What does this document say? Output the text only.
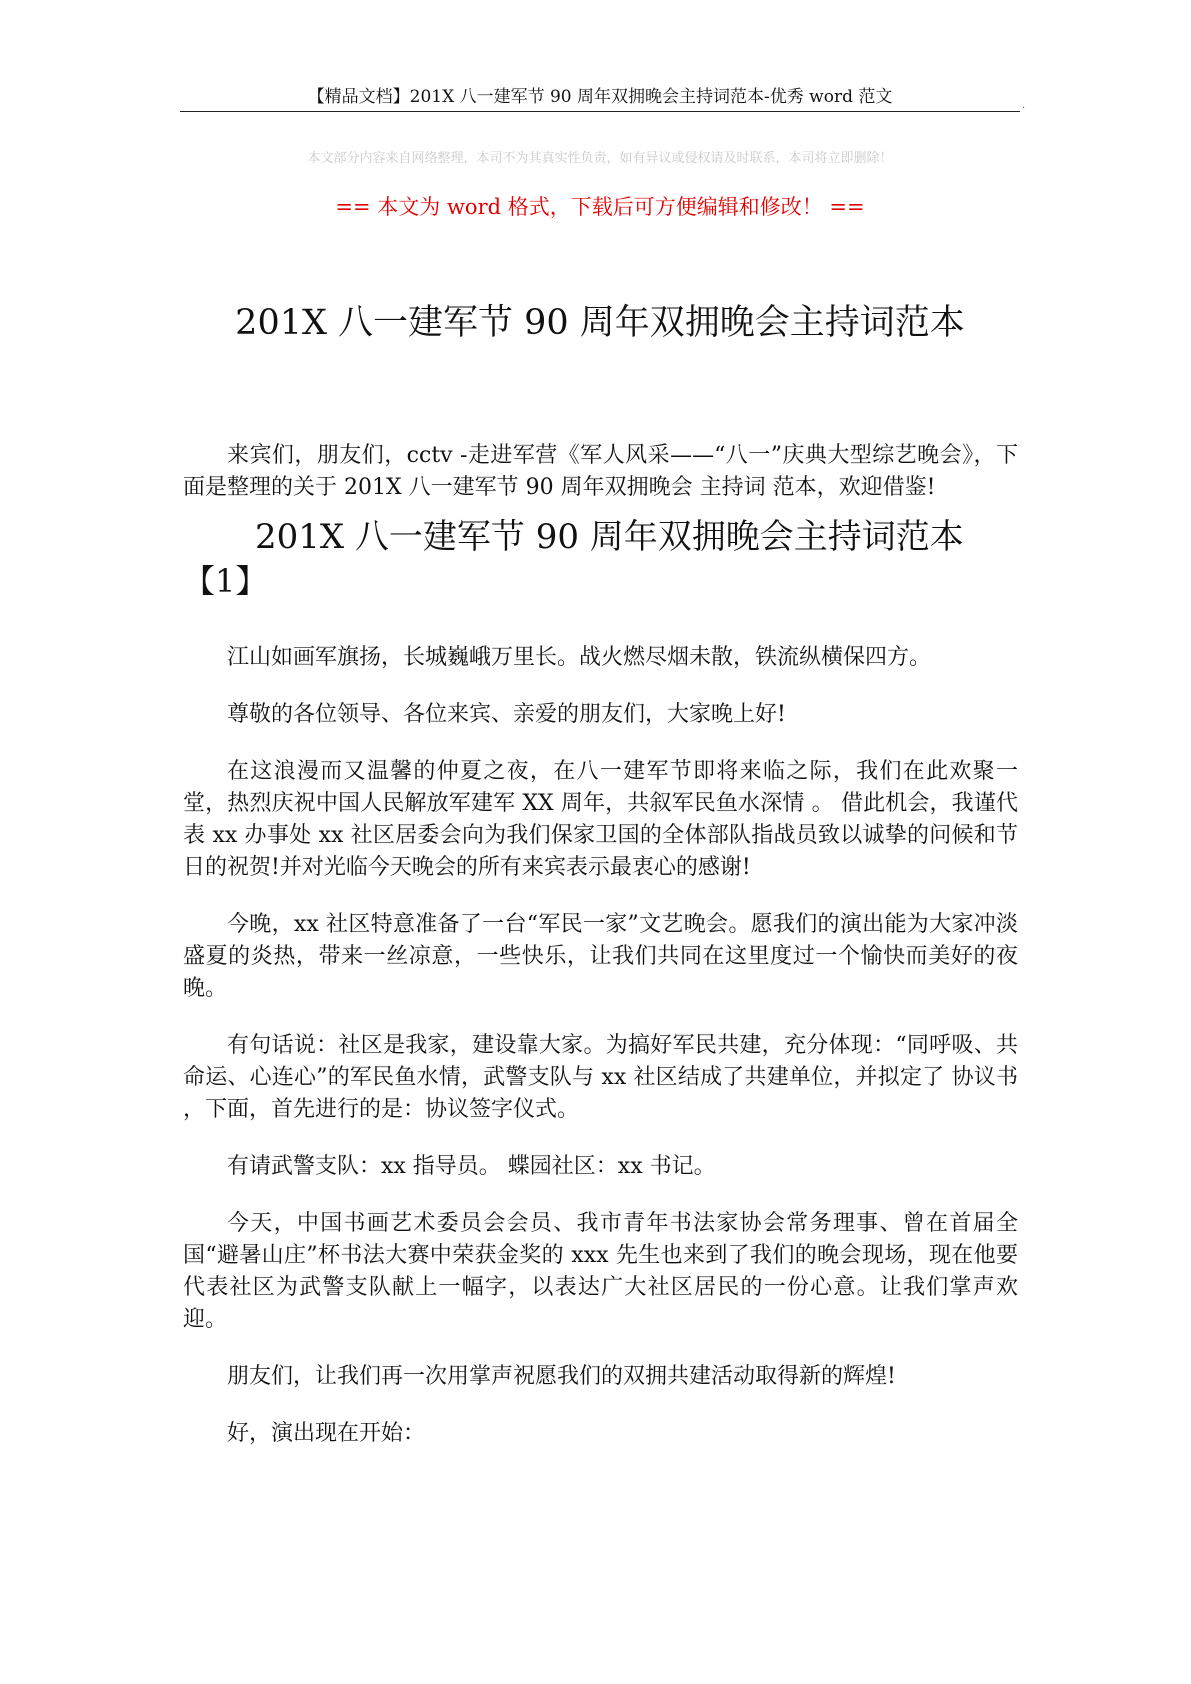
【精品文档】201X 八一建军节 90 周年双拥晚会主持词范本-优秀 word 范文	.
本文部分内容来自网络整理，本司不为其真实性负责，如有异议或侵权请及时联系，本司将立即删除！
== 本文为 word 格式，下载后可方便编辑和修改！ ==
201X 八一建军节 90 周年双拥晚会主持词范本

来宾们，朋友们，cctv -走进军营《军人风采——“八一”庆典大型综艺晚会》，下面是整理的关于 201X 八一建军节 90 周年双拥晚会 主持词 范本，欢迎借鉴!

201X 八一建军节 90 周年双拥晚会主持词范本
【1】

江山如画军旗扬，长城巍峨万里长。战火燃尽烟未散，铁流纵横保四方。

尊敬的各位领导、各位来宾、亲爱的朋友们，大家晚上好!

在这浪漫而又温馨的仲夏之夜，在八一建军节即将来临之际，我们在此欢聚一堂，热烈庆祝中国人民解放军建军 XX 周年，共叙军民鱼水深情 。 借此机会，我谨代表 xx 办事处 xx 社区居委会向为我们保家卫国的全体部队指战员致以诚挚的问候和节日的祝贺!并对光临今天晚会的所有来宾表示最衷心的感谢!

今晚，xx 社区特意准备了一台“军民一家”文艺晚会。愿我们的演出能为大家冲淡盛夏的炎热，带来一丝凉意，一些快乐，让我们共同在这里度过一个愉快而美好的夜晚。

有句话说：社区是我家，建设靠大家。为搞好军民共建，充分体现：“同呼吸、共命运、心连心”的军民鱼水情，武警支队与 xx 社区结成了共建单位，并拟定了 协议书 ，下面，首先进行的是：协议签字仪式。

有请武警支队：xx 指导员。 蝶园社区：xx 书记。

今天，中国书画艺术委员会会员、我市青年书法家协会常务理事、曾在首届全国“避暑山庄”杯书法大赛中荣获金奖的 xxx 先生也来到了我们的晚会现场，现在他要代表社区为武警支队献上一幅字，以表达广大社区居民的一份心意。让我们掌声欢迎。

朋友们，让我们再一次用掌声祝愿我们的双拥共建活动取得新的辉煌!

好，演出现在开始：
